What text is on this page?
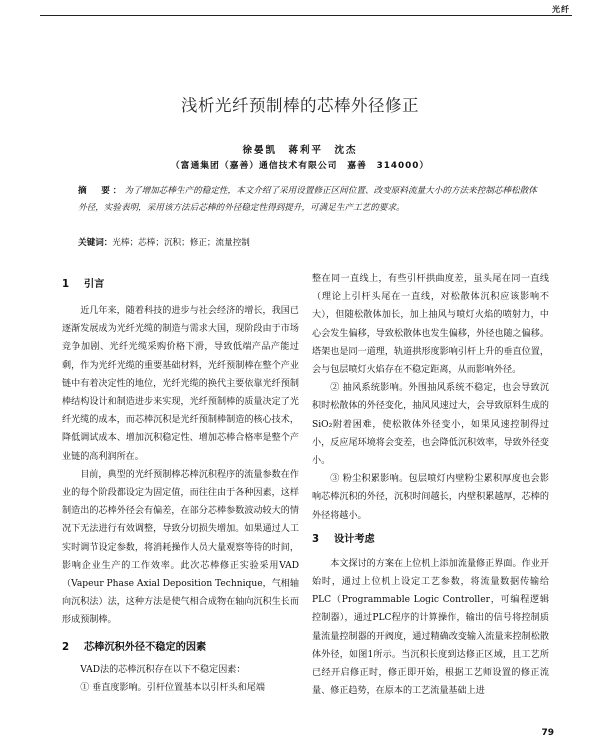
光纤
浅析光纤预制棒的芯棒外径修正
徐晏凯　蒋利平　沈杰
（富通集团（嘉善）通信技术有限公司　嘉善　314000）
摘　要：为了增加芯棒生产的稳定性，本文介绍了采用设置修正区间位置、改变原料流量大小的方法来控制芯棒松散体外径，实验表明，采用该方法后芯棒的外径稳定性得到提升，可满足生产工艺的要求。
关键词：光棒；芯棒；沉积；修正；流量控制
1 引言

近几年来，随着科技的进步与社会经济的增长，我国已逐渐发展成为光纤光缆的制造与需求大国，现阶段由于市场竞争加剧、光纤光缆采购价格下滑，导致低端产品产能过剩，作为光纤光缆的重要基础材料，光纤预制棒在整个产业链中有着决定性的地位，光纤光缆的换代主要依靠光纤预制棒结构设计和制造进步来实现，光纤预制棒的质量决定了光纤光缆的成本，而芯棒沉积是光纤预制棒制造的核心技术，降低调试成本、增加沉积稳定性、增加芯棒合格率是整个产业链的高利润所在。

目前，典型的光纤预制棒芯棒沉积程序的流量参数在作业的每个阶段都设定为固定值，而往往由于各种因素，这样制造出的芯棒外径会有偏差，在部分芯棒参数波动较大的情况下无法进行有效调整，导致分切损失增加。如果通过人工实时调节设定参数，将消耗操作人员大量观察等待的时间，影响企业生产的工作效率。此次芯棒修正实验采用VAD（Vapeur Phase Axial Deposition Technique，气相轴向沉积法）法，这种方法是使气相合成物在轴向沉积生长而形成预制棒。

2 芯棒沉积外径不稳定的因素

VAD法的芯棒沉积存在以下不稳定因素：

① 垂直度影响。引杆位置基本以引杆头和尾端

整在同一直线上，有些引杆拱曲度差，虽头尾在同一直线（理论上引杆头尾在一直线，对松散体沉积应该影响不大），但随松散体加长，加上抽风与喷灯火焰的喷射力，中心会发生偏移，导致松散体也发生偏移，外径也随之偏移。塔架也是同一道理，轨道拱形度影响引杆上升的垂直位置，会与包层喷灯火焰存在不稳定距离，从而影响外径。

② 抽风系统影响。外围抽风系统不稳定，也会导致沉积时松散体的外径变化，抽风风速过大，会导致原料生成的SiO₂附着困难，使松散体外径变小，如果风速控制得过小，反应尾环境将会变差，也会降低沉积效率，导致外径变小。

③ 粉尘积累影响。包层喷灯内壁粉尘累积厚度也会影响芯棒沉积的外径，沉积时间越长，内壁积累越厚，芯棒的外径将越小。

3 设计考虑

本文探讨的方案在上位机上添加流量修正界面。作业开始时，通过上位机上设定工艺参数，将流量数据传输给PLC（Programmable Logic Controller，可编程逻辑控制器），通过PLC程序的计算操作，输出的信号将控制质量流量控制器的开阀度，通过精确改变输入流量来控制松散体外径，如图1所示。当沉积长度到达修正区域，且工艺所已经开启修正时，修正即开始，根据工艺师设置的修正流量、修正趋势，在原本的工艺流量基础上进

79
